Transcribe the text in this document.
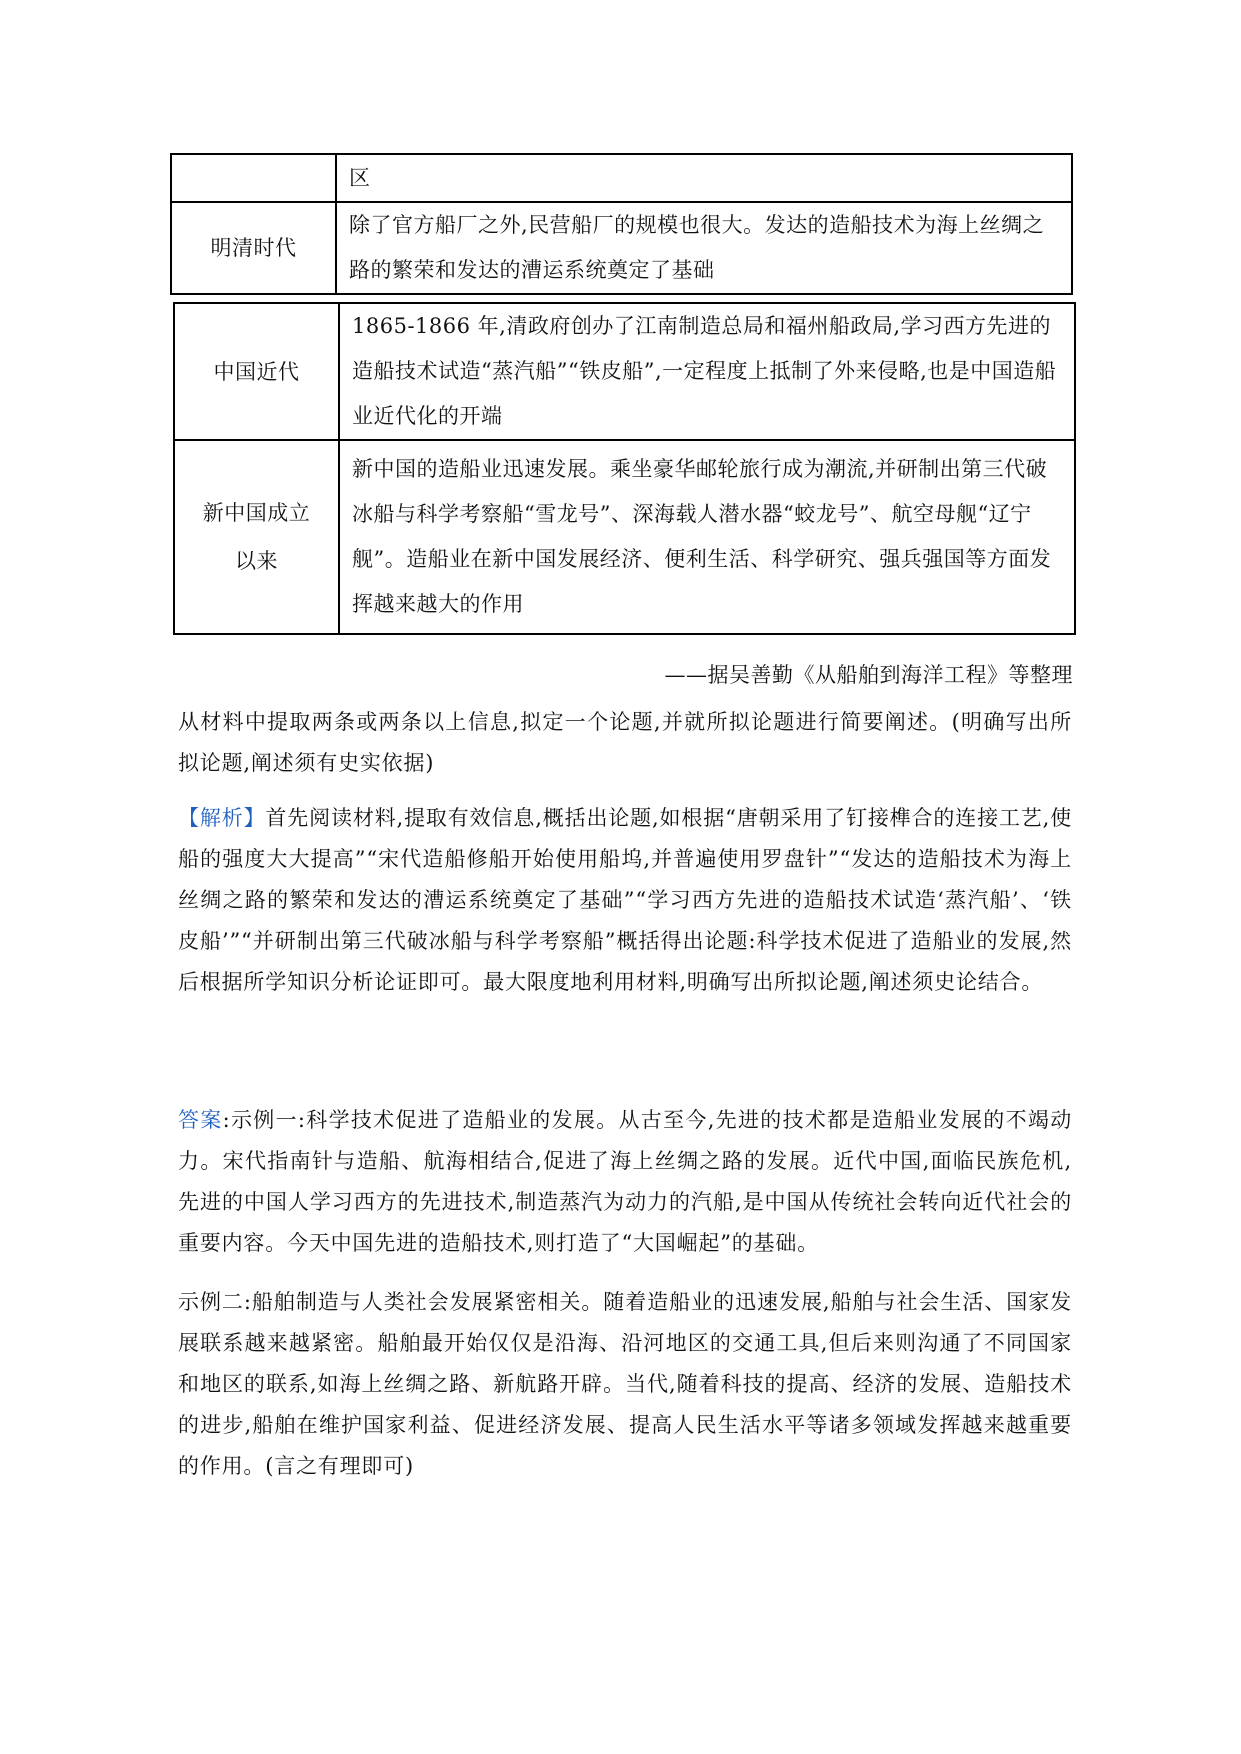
	区
明清时代	除了官方船厂之外,民营船厂的规模也很大。发达的造船技术为海上丝绸之路的繁荣和发达的漕运系统奠定了基础
中国近代	1865-1866 年,清政府创办了江南制造总局和福州船政局,学习西方先进的造船技术试造“蒸汽船”“铁皮船”,一定程度上抵制了外来侵略,也是中国造船业近代化的开端
新中国成立以来	新中国的造船业迅速发展。乘坐豪华邮轮旅行成为潮流,并研制出第三代破冰船与科学考察船“雪龙号”、深海载人潜水器“蛟龙号”、航空母舰“辽宁舰”。造船业在新中国发展经济、便利生活、科学研究、强兵强国等方面发挥越来越大的作用
——据吴善勤《从船舶到海洋工程》等整理

从材料中提取两条或两条以上信息,拟定一个论题,并就所拟论题进行简要阐述。(明确写出所拟论题,阐述须有史实依据)

【解析】首先阅读材料,提取有效信息,概括出论题,如根据“唐朝采用了钉接榫合的连接工艺,使船的强度大大提高”“宋代造船修船开始使用船坞,并普遍使用罗盘针”“发达的造船技术为海上丝绸之路的繁荣和发达的漕运系统奠定了基础”“学习西方先进的造船技术试造‘蒸汽船’、‘铁皮船’”“并研制出第三代破冰船与科学考察船”概括得出论题:科学技术促进了造船业的发展,然后根据所学知识分析论证即可。最大限度地利用材料,明确写出所拟论题,阐述须史论结合。

答案:示例一:科学技术促进了造船业的发展。从古至今,先进的技术都是造船业发展的不竭动力。宋代指南针与造船、航海相结合,促进了海上丝绸之路的发展。近代中国,面临民族危机,先进的中国人学习西方的先进技术,制造蒸汽为动力的汽船,是中国从传统社会转向近代社会的重要内容。今天中国先进的造船技术,则打造了“大国崛起”的基础。

示例二:船舶制造与人类社会发展紧密相关。随着造船业的迅速发展,船舶与社会生活、国家发展联系越来越紧密。船舶最开始仅仅是沿海、沿河地区的交通工具,但后来则沟通了不同国家和地区的联系,如海上丝绸之路、新航路开辟。当代,随着科技的提高、经济的发展、造船技术的进步,船舶在维护国家利益、促进经济发展、提高人民生活水平等诸多领域发挥越来越重要的作用。(言之有理即可)
